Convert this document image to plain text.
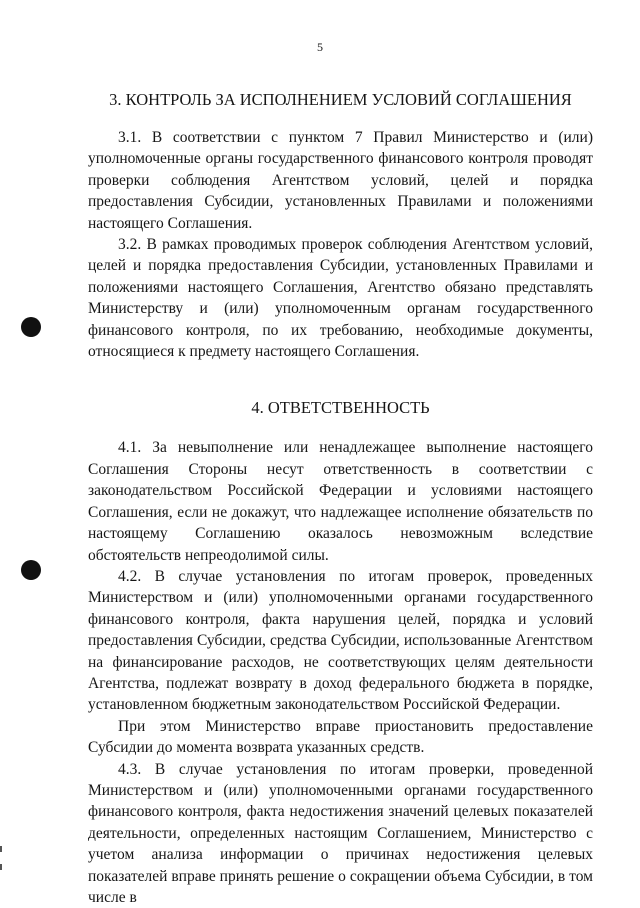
5
3. КОНТРОЛЬ ЗА ИСПОЛНЕНИЕМ УСЛОВИЙ СОГЛАШЕНИЯ

3.1. В соответствии с пунктом 7 Правил Министерство и (или) уполномоченные органы государственного финансового контроля проводят проверки соблюдения Агентством условий, целей и порядка предоставления Субсидии, установленных Правилами и положениями настоящего Соглашения.

3.2. В рамках проводимых проверок соблюдения Агентством условий, целей и порядка предоставления Субсидии, установленных Правилами и положениями настоящего Соглашения, Агентство обязано представлять Министерству и (или) уполномоченным органам государственного финансового контроля, по их требованию, необходимые документы, относящиеся к предмету настоящего Соглашения.

4. ОТВЕТСТВЕННОСТЬ

4.1. За невыполнение или ненадлежащее выполнение настоящего Соглашения Стороны несут ответственность в соответствии с законодательством Российской Федерации и условиями настоящего Соглашения, если не докажут, что надлежащее исполнение обязательств по настоящему Соглашению оказалось невозможным вследствие обстоятельств непреодолимой силы.

4.2. В случае установления по итогам проверок, проведенных Министерством и (или) уполномоченными органами государственного финансового контроля, факта нарушения целей, порядка и условий предоставления Субсидии, средства Субсидии, использованные Агентством на финансирование расходов, не соответствующих целям деятельности Агентства, подлежат возврату в доход федерального бюджета в порядке, установленном бюджетным законодательством Российской Федерации.

При этом Министерство вправе приостановить предоставление Субсидии до момента возврата указанных средств.

4.3. В случае установления по итогам проверки, проведенной Министерством и (или) уполномоченными органами государственного финансового контроля, факта недостижения значений целевых показателей деятельности, определенных настоящим Соглашением, Министерство с учетом анализа информации о причинах недостижения целевых показателей вправе принять решение о сокращении объема Субсидии, в том числе в
